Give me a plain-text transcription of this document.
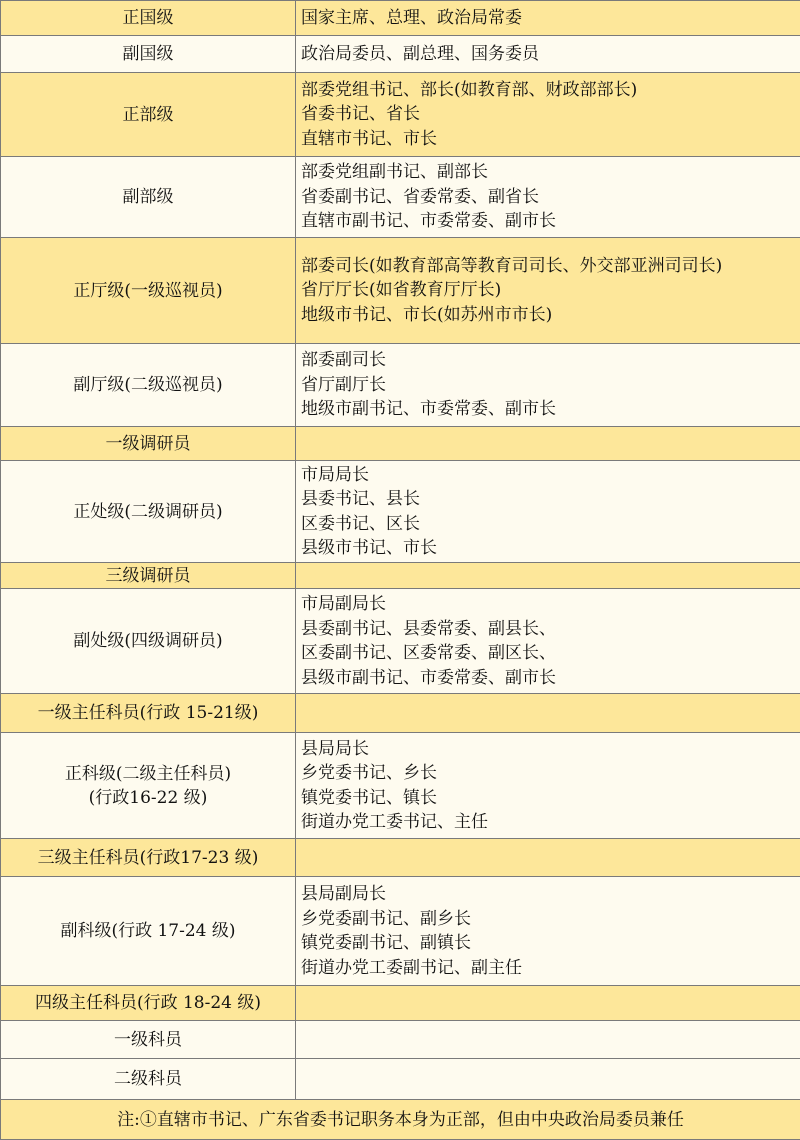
正国级	国家主席、总理、政治局常委

副国级	政治局委员、副总理、国务委员

正部级	部委党组书记、部长(如教育部、财政部部长)
省委书记、省长
直辖市书记、市长

副部级	部委党组副书记、副部长
省委副书记、省委常委、副省长
直辖市副书记、市委常委、副市长

正厅级(一级巡视员)	部委司长(如教育部高等教育司司长、外交部亚洲司司长)
省厅厅长(如省教育厅厅长)
地级市书记、市长(如苏州市市长)

副厅级(二级巡视员)	部委副司长
省厅副厅长
地级市副书记、市委常委、副市长

一级调研员	

正处级(二级调研员)	市局局长
县委书记、县长
区委书记、区长
县级市书记、市长

三级调研员	

副处级(四级调研员)	市局副局长
县委副书记、县委常委、副县长、
区委副书记、区委常委、副区长、
县级市副书记、市委常委、副市长

一级主任科员(行政 15-21级)	

正科级(二级主任科员)
(行政16-22 级)	县局局长
乡党委书记、乡长
镇党委书记、镇长
街道办党工委书记、主任

三级主任科员(行政17-23 级)	

副科级(行政 17-24 级)	县局副局长
乡党委副书记、副乡长
镇党委副书记、副镇长
街道办党工委副书记、副主任

四级主任科员(行政 18-24 级)	

一级科员	

二级科员	

注:①直辖市书记、广东省委书记职务本身为正部，但由中央政治局委员兼任	
